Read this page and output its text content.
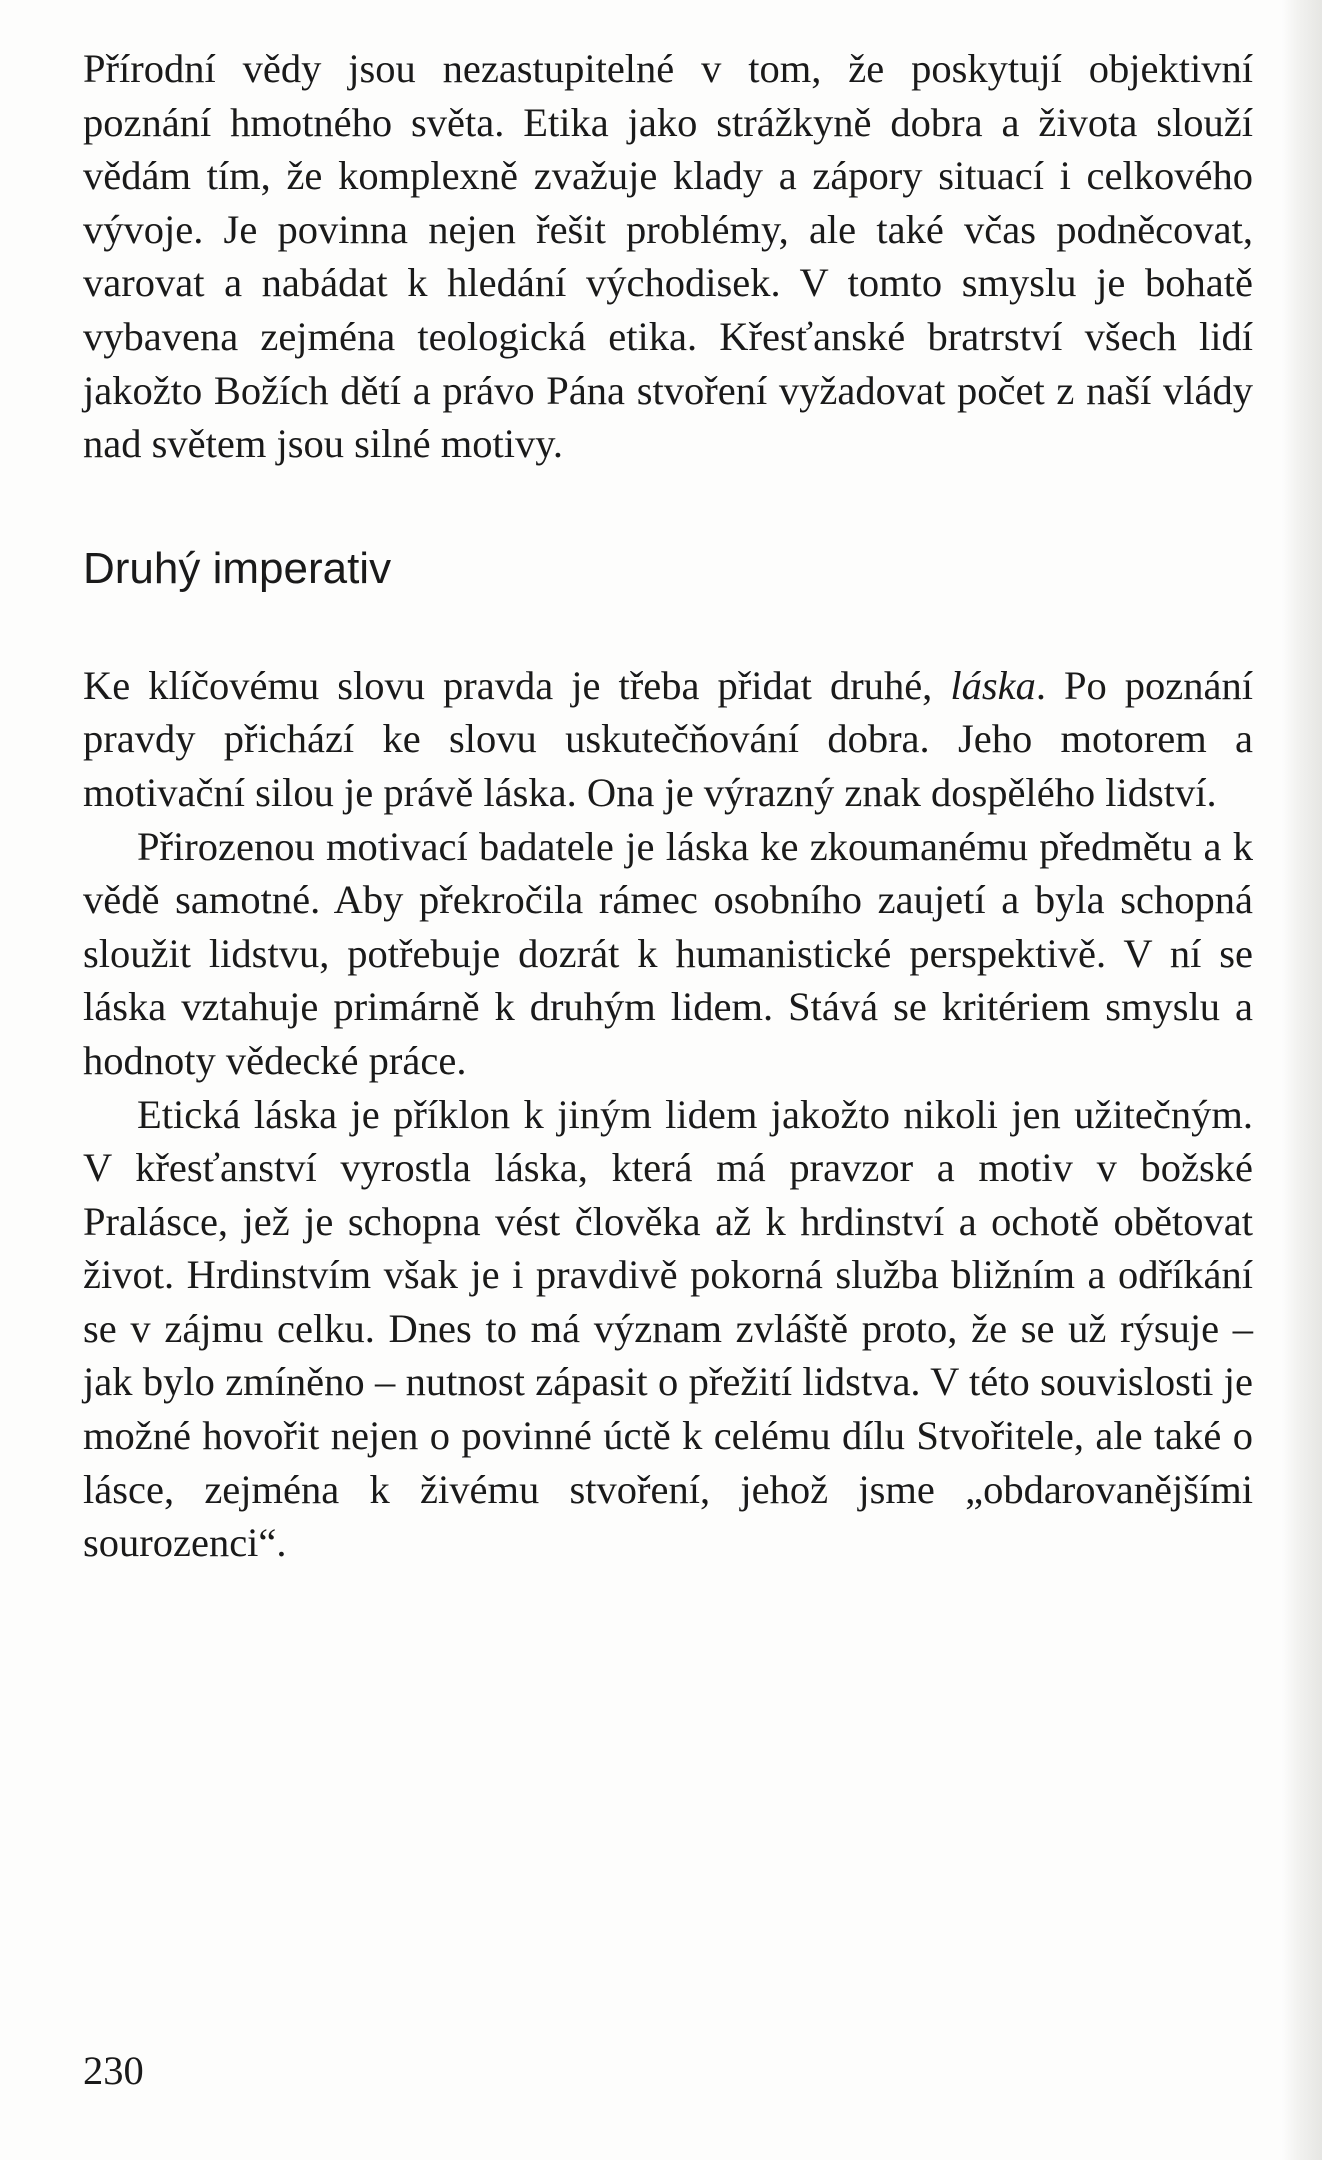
Přírodní vědy jsou nezastupitelné v tom, že poskytují objektivní poznání hmotného světa. Etika jako strážkyně dobra a života slouží vědám tím, že komplexně zvažuje klady a zápory situací i celkového vývoje. Je povinna nejen řešit problémy, ale také včas podněcovat, varovat a nabádat k hledání východisek. V tomto smyslu je bohatě vybavena zejména teologická etika. Křesťanské bratrství všech lidí jakožto Božích dětí a právo Pána stvoření vyžadovat počet z naší vlády nad světem jsou silné motivy.

Druhý imperativ

Ke klíčovému slovu pravda je třeba přidat druhé, láska. Po poznání pravdy přichází ke slovu uskutečňování dobra. Jeho motorem a motivační silou je právě láska. Ona je výrazný znak dospělého lidství.

Přirozenou motivací badatele je láska ke zkoumanému předmětu a k vědě samotné. Aby překročila rámec osobního zaujetí a byla schopná sloužit lidstvu, potřebuje dozrát k humanistické perspektivě. V ní se láska vztahuje primárně k druhým lidem. Stává se kritériem smyslu a hodnoty vědecké práce.

Etická láska je příklon k jiným lidem jakožto nikoli jen užitečným. V křesťanství vyrostla láska, která má pravzor a motiv v božské Pralásce, jež je schopna vést člověka až k hrdinství a ochotě obětovat život. Hrdinstvím však je i pravdivě pokorná služba bližním a odříkání se v zájmu celku. Dnes to má význam zvláště proto, že se už rýsuje – jak bylo zmíněno – nutnost zápasit o přežití lidstva. V této souvislosti je možné hovořit nejen o povinné úctě k celému dílu Stvořitele, ale také o lásce, zejména k živému stvoření, jehož jsme „obdarovanějšími sourozenci“.

230
